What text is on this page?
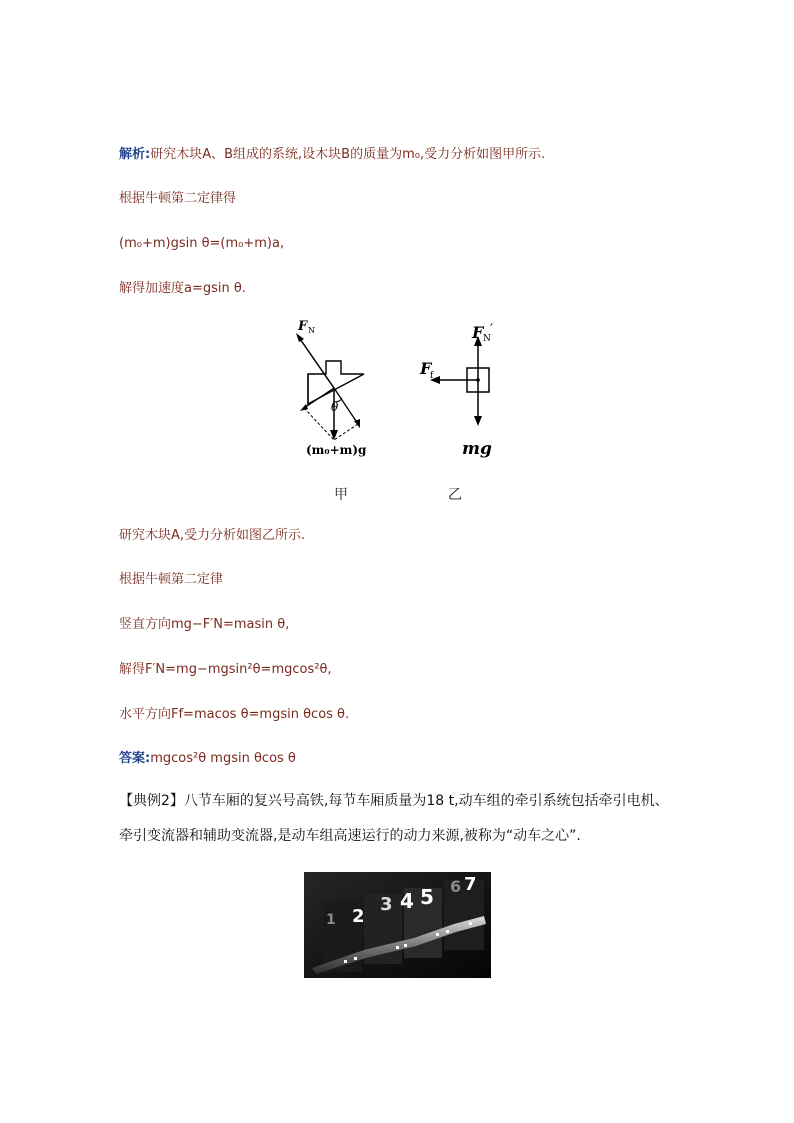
解析:研究木块A、B组成的系统,设木块B的质量为m₀,受力分析如图甲所示.
根据牛顿第二定律得
(m₀+m)gsin θ=(m₀+m)a,
解得加速度a=gsin θ.
F N
θ
(m₀+m)g
F N
′
F
f
mg
甲	乙
研究木块A,受力分析如图乙所示.
根据牛顿第二定律
竖直方向mg−F′N=masin θ,
解得F′N=mg−mgsin²θ=mgcos²θ,
水平方向Ff=macos θ=mgsin θcos θ.
答案:mgcos²θ mgsin θcos θ
【典例2】八节车厢的复兴号高铁,每节车厢质量为18 t,动车组的牵引系统包括牵引电机、
牵引变流器和辅助变流器,是动车组高速运行的动力来源,被称为“动车之心”.
1 2
3 4 5 6 7
